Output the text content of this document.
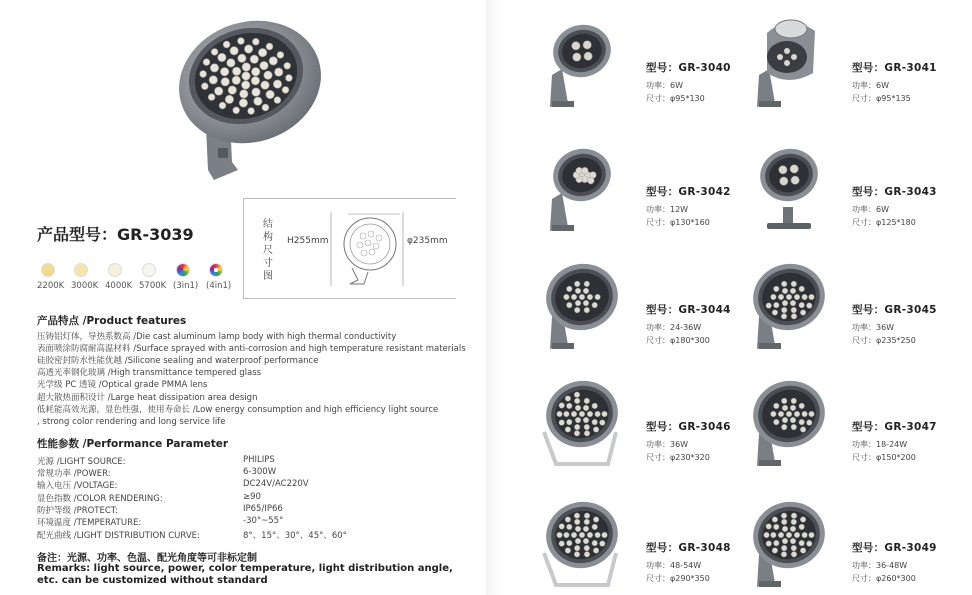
产品型号：GR-3039
结构尺寸图
H255mm	φ235mm
2200K 3000K 4000K 5700K (3in1) (4in1)
产品特点 /Product features
压铸铝灯体，导热系数高 /Die cast aluminum lamp body with high thermal conductivity
表面喷涂防腐耐高温材料 /Surface sprayed with anti-corrosion and high temperature resistant materials
硅胶密封防水性能优越 /Silicone sealing and waterproof performance
高透光率钢化玻璃 /High transmittance tempered glass
光学级 PC 透镜 /Optical grade PMMA lens
超大散热面积设计 /Large heat dissipation area design
低耗能高效光源，显色性强，使用寿命长 /Low energy consumption and high efficiency light source
, strong color rendering and long service life
性能参数 /Performance Parameter
光源 /LIGHT SOURCE:	PHILIPS
常规功率 /POWER:	6-300W
输入电压 /VOLTAGE:	DC24V/AC220V
显色指数 /COLOR RENDERING:	≥90
防护等级 /PROTECT:	IP65/IP66
环境温度 /TEMPERATURE:	-30°~55°
配光曲线 /LIGHT DISTRIBUTION CURVE:	8°、15°、30°、45°、60°
备注：光源、功率、色温、配光角度等可非标定制
Remarks: light source, power, color temperature, light distribution angle, etc. can be customized without standard
型号：GR-3040
功率：6W
尺寸：φ95*130
型号：GR-3041
功率：6W
尺寸：φ95*135
型号：GR-3042
功率：12W
尺寸：φ130*160
型号：GR-3043
功率：6W
尺寸：φ125*180
型号：GR-3044
功率：24-36W
尺寸：φ180*300
型号：GR-3045
功率：36W
尺寸：φ235*250
型号：GR-3046
功率：36W
尺寸：φ230*320
型号：GR-3047
功率：18-24W
尺寸：φ150*200
型号：GR-3048
功率：48-54W
尺寸：φ290*350
型号：GR-3049
功率：36-48W
尺寸：φ260*300
